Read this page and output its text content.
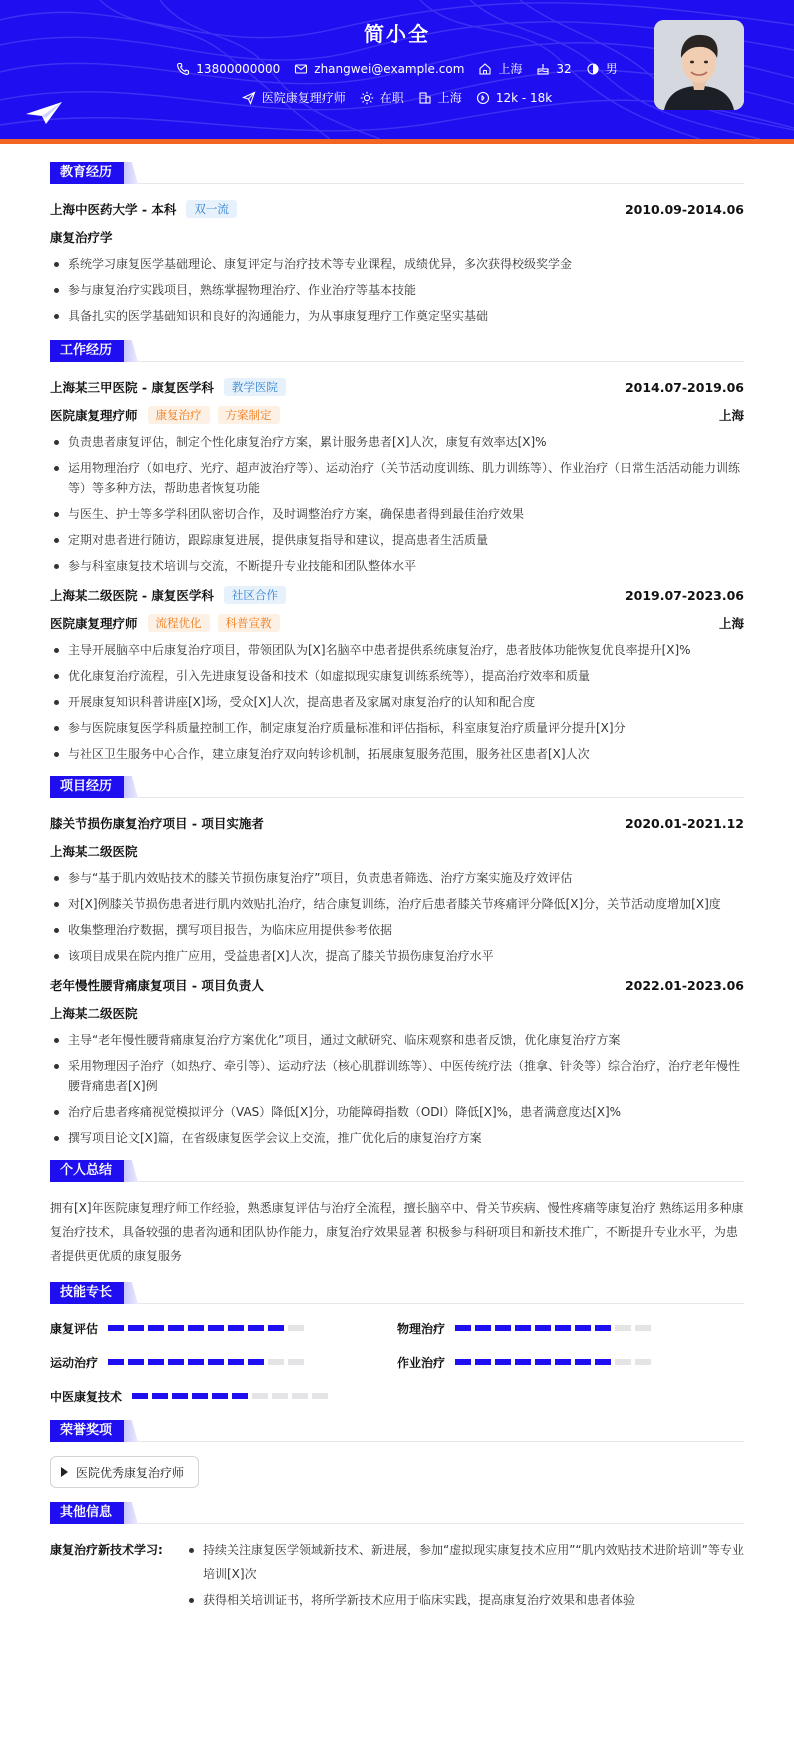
简小全
13800000000	zhangwei@example.com	上海	32	男
医院康复理疗师	在职	上海	12k - 18k
教育经历
上海中医药大学 - 本科	双一流	2010.09-2014.06
康复治疗学
系统学习康复医学基础理论、康复评定与治疗技术等专业课程，成绩优异，多次获得校级奖学金
参与康复治疗实践项目，熟练掌握物理治疗、作业治疗等基本技能
具备扎实的医学基础知识和良好的沟通能力，为从事康复理疗工作奠定坚实基础
工作经历
上海某三甲医院 - 康复医学科	教学医院	2014.07-2019.06
医院康复理疗师	康复治疗	方案制定	上海
负责患者康复评估，制定个性化康复治疗方案，累计服务患者[X]人次，康复有效率达[X]%
运用物理治疗（如电疗、光疗、超声波治疗等）、运动治疗（关节活动度训练、肌力训练等）、作业治疗（日常生活活动能力训练等）等多种方法，帮助患者恢复功能
与医生、护士等多学科团队密切合作，及时调整治疗方案，确保患者得到最佳治疗效果
定期对患者进行随访，跟踪康复进展，提供康复指导和建议，提高患者生活质量
参与科室康复技术培训与交流，不断提升专业技能和团队整体水平
上海某二级医院 - 康复医学科	社区合作	2019.07-2023.06
医院康复理疗师	流程优化	科普宣教	上海
主导开展脑卒中后康复治疗项目，带领团队为[X]名脑卒中患者提供系统康复治疗，患者肢体功能恢复优良率提升[X]%
优化康复治疗流程，引入先进康复设备和技术（如虚拟现实康复训练系统等），提高治疗效率和质量
开展康复知识科普讲座[X]场，受众[X]人次，提高患者及家属对康复治疗的认知和配合度
参与医院康复医学科质量控制工作，制定康复治疗质量标准和评估指标，科室康复治疗质量评分提升[X]分
与社区卫生服务中心合作，建立康复治疗双向转诊机制，拓展康复服务范围，服务社区患者[X]人次
项目经历
膝关节损伤康复治疗项目 - 项目实施者	2020.01-2021.12
上海某二级医院
参与“基于肌内效贴技术的膝关节损伤康复治疗”项目，负责患者筛选、治疗方案实施及疗效评估
对[X]例膝关节损伤患者进行肌内效贴扎治疗，结合康复训练，治疗后患者膝关节疼痛评分降低[X]分，关节活动度增加[X]度
收集整理治疗数据，撰写项目报告，为临床应用提供参考依据
该项目成果在院内推广应用，受益患者[X]人次，提高了膝关节损伤康复治疗水平
老年慢性腰背痛康复项目 - 项目负责人	2022.01-2023.06
上海某二级医院
主导“老年慢性腰背痛康复治疗方案优化”项目，通过文献研究、临床观察和患者反馈，优化康复治疗方案
采用物理因子治疗（如热疗、牵引等）、运动疗法（核心肌群训练等）、中医传统疗法（推拿、针灸等）综合治疗，治疗老年慢性腰背痛患者[X]例
治疗后患者疼痛视觉模拟评分（VAS）降低[X]分，功能障碍指数（ODI）降低[X]%，患者满意度达[X]%
撰写项目论文[X]篇，在省级康复医学会议上交流，推广优化后的康复治疗方案
个人总结
拥有[X]年医院康复理疗师工作经验，熟悉康复评估与治疗全流程，擅长脑卒中、骨关节疾病、慢性疼痛等康复治疗 熟练运用多种康复治疗技术，具备较强的患者沟通和团队协作能力，康复治疗效果显著 积极参与科研项目和新技术推广，不断提升专业水平，为患者提供更优质的康复服务
技能专长
康复评估	物理治疗
运动治疗	作业治疗
中医康复技术
荣誉奖项
医院优秀康复治疗师
其他信息
康复治疗新技术学习:	持续关注康复医学领域新技术、新进展，参加“虚拟现实康复技术应用”“肌内效贴技术进阶培训”等专业培训[X]次
获得相关培训证书，将所学新技术应用于临床实践，提高康复治疗效果和患者体验
